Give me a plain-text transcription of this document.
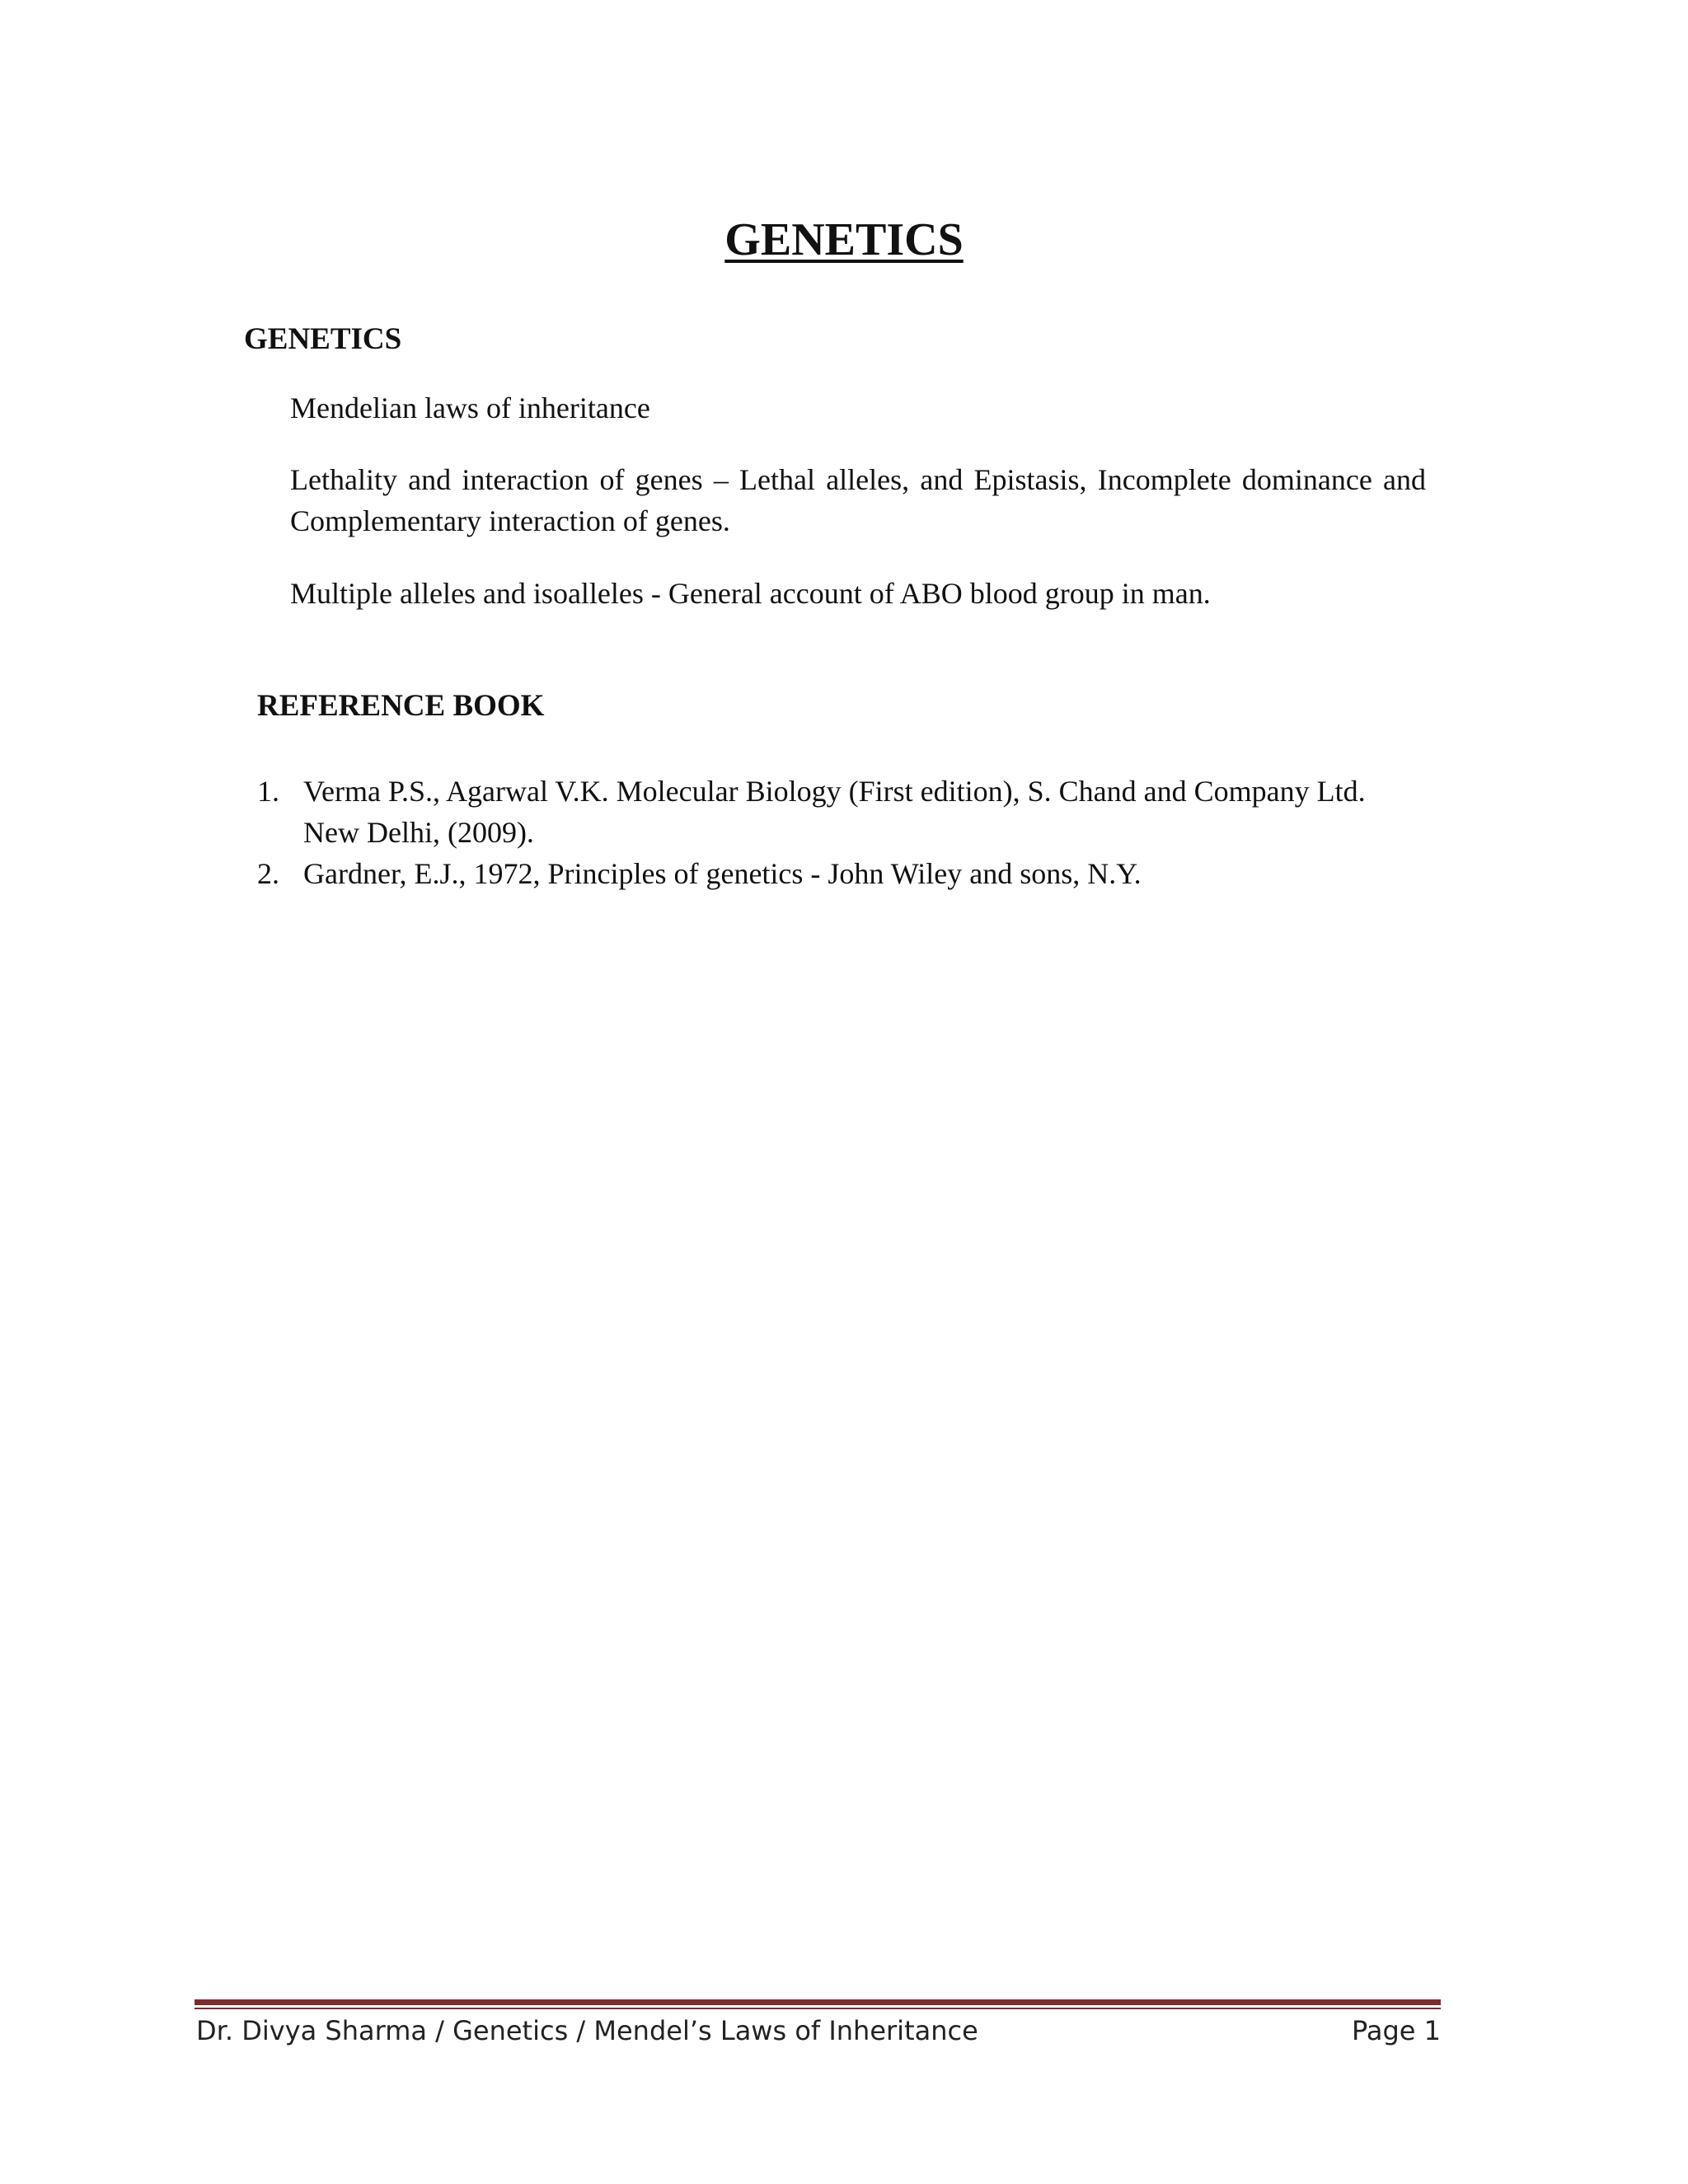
GENETICS
GENETICS
Mendelian laws of inheritance
Lethality and interaction of genes – Lethal alleles, and Epistasis, Incomplete dominance and Complementary interaction of genes.
Multiple alleles and isoalleles - General account of ABO blood group in man.
REFERENCE BOOK
1. Verma P.S., Agarwal V.K. Molecular Biology (First edition), S. Chand and Company Ltd. New Delhi, (2009).
2. Gardner, E.J., 1972, Principles of genetics - John Wiley and sons, N.Y.
Dr. Divya Sharma / Genetics / Mendel’s Laws of Inheritance	Page 1
